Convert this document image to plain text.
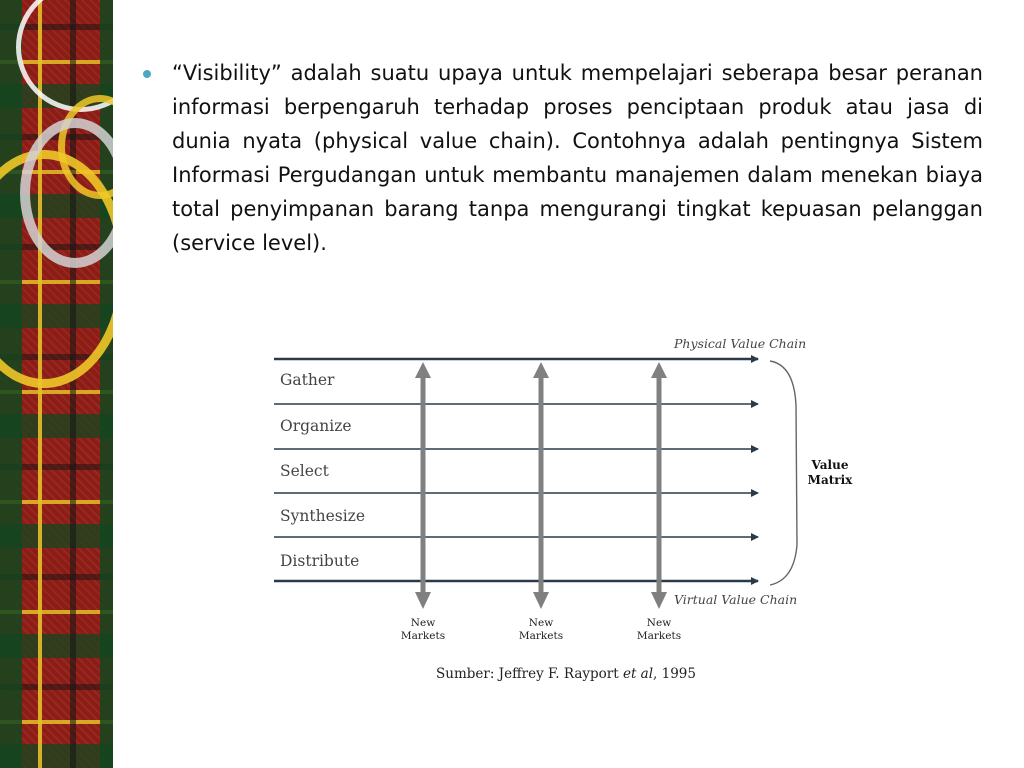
“Visibility” adalah suatu upaya untuk mempelajari seberapa besar peranan informasi berpengaruh terhadap proses penciptaan produk atau jasa di dunia nyata (physical value chain). Contohnya adalah pentingnya Sistem Informasi Pergudangan untuk membantu manajemen dalam menekan biaya total penyimpanan barang tanpa mengurangi tingkat kepuasan pelanggan (service level).
Physical Value Chain
Virtual Value Chain
Gather
Organize
Select
Synthesize
Distribute
Value
Matrix
New
Markets
New
Markets
New
Markets
Sumber: Jeffrey F. Rayport et al, 1995
